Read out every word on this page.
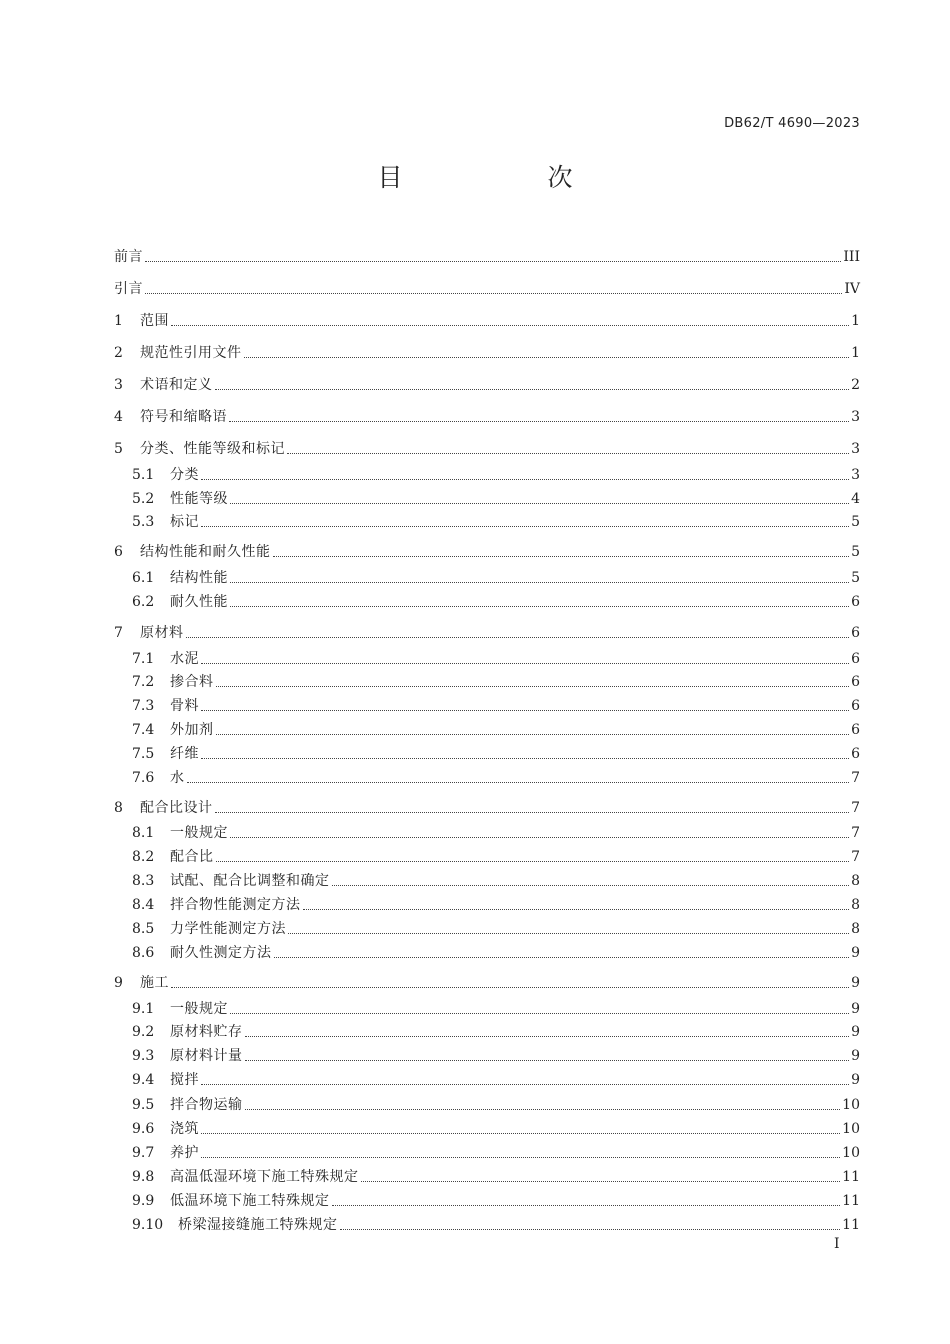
DB62/T 4690—2023
目　次
前言	III
引言	IV
1	范围	1
2	规范性引用文件	1
3	术语和定义	2
4	符号和缩略语	3
5	分类、性能等级和标记	3
5.1	分类	3
5.2	性能等级	4
5.3	标记	5
6	结构性能和耐久性能	5
6.1	结构性能	5
6.2	耐久性能	6
7	原材料	6
7.1	水泥	6
7.2	掺合料	6
7.3	骨料	6
7.4	外加剂	6
7.5	纤维	6
7.6	水	7
8	配合比设计	7
8.1	一般规定	7
8.2	配合比	7
8.3	试配、配合比调整和确定	8
8.4	拌合物性能测定方法	8
8.5	力学性能测定方法	8
8.6	耐久性测定方法	9
9	施工	9
9.1	一般规定	9
9.2	原材料贮存	9
9.3	原材料计量	9
9.4	搅拌	9
9.5	拌合物运输	10
9.6	浇筑	10
9.7	养护	10
9.8	高温低湿环境下施工特殊规定	11
9.9	低温环境下施工特殊规定	11
9.10	桥梁湿接缝施工特殊规定	11
I
